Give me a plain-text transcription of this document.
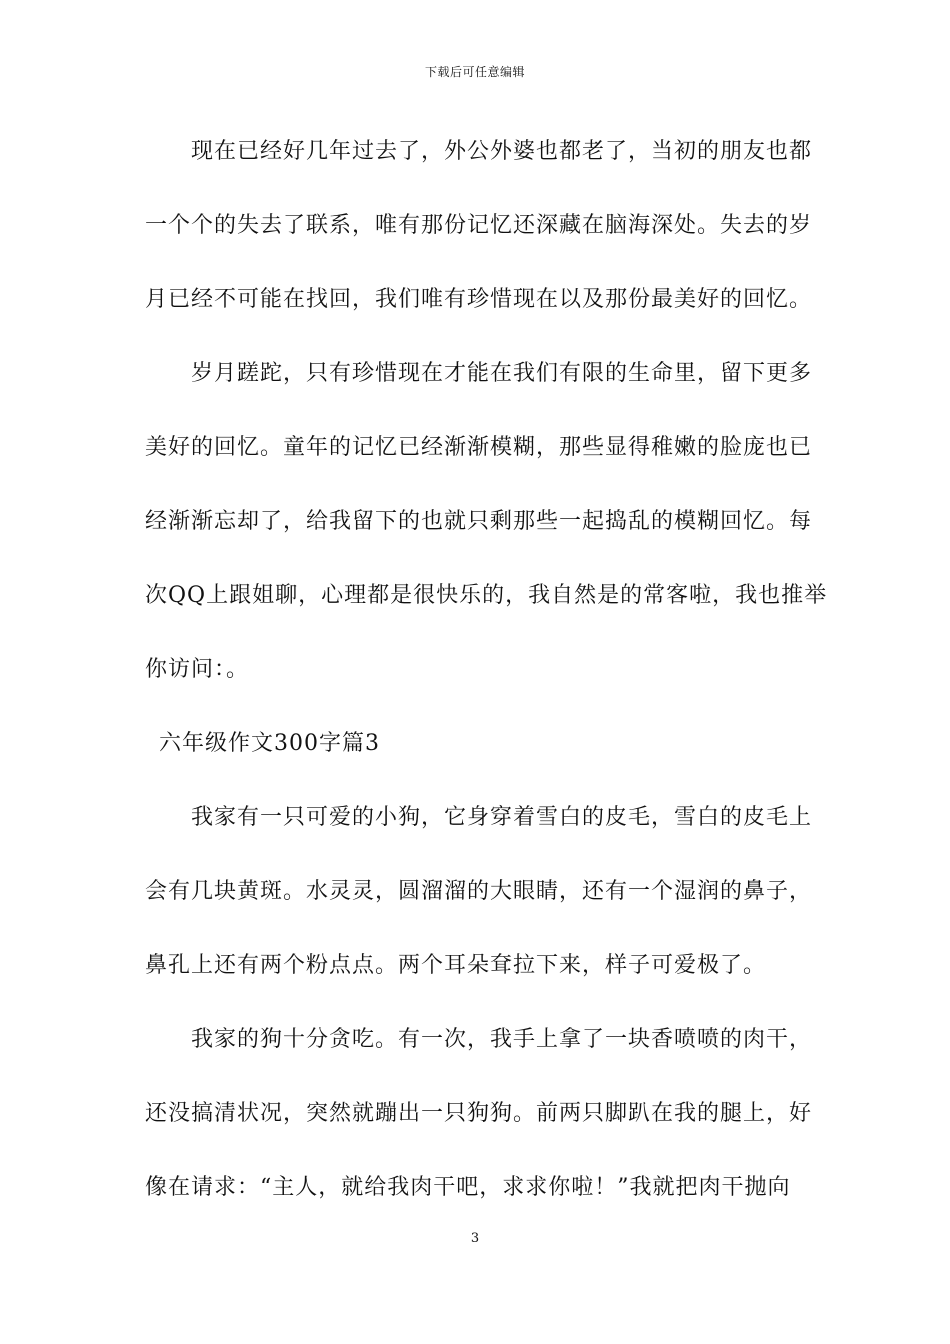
下载后可任意编辑
现在已经好几年过去了，外公外婆也都老了，当初的朋友也都
一个个的失去了联系，唯有那份记忆还深藏在脑海深处。失去的岁
月已经不可能在找回，我们唯有珍惜现在以及那份最美好的回忆。
岁月蹉跎，只有珍惜现在才能在我们有限的生命里，留下更多
美好的回忆。童年的记忆已经渐渐模糊，那些显得稚嫩的脸庞也已
经渐渐忘却了，给我留下的也就只剩那些一起捣乱的模糊回忆。每
次QQ上跟姐聊，心理都是很快乐的，我自然是的常客啦，我也推举
你访问：。
六年级作文300字篇3
我家有一只可爱的小狗，它身穿着雪白的皮毛，雪白的皮毛上
会有几块黄斑。水灵灵，圆溜溜的大眼睛，还有一个湿润的鼻子，
鼻孔上还有两个粉点点。两个耳朵耷拉下来，样子可爱极了。
我家的狗十分贪吃。有一次，我手上拿了一块香喷喷的肉干，
还没搞清状况，突然就蹦出一只狗狗。前两只脚趴在我的腿上，好
像在请求：“主人，就给我肉干吧，求求你啦！”我就把肉干抛向
3
